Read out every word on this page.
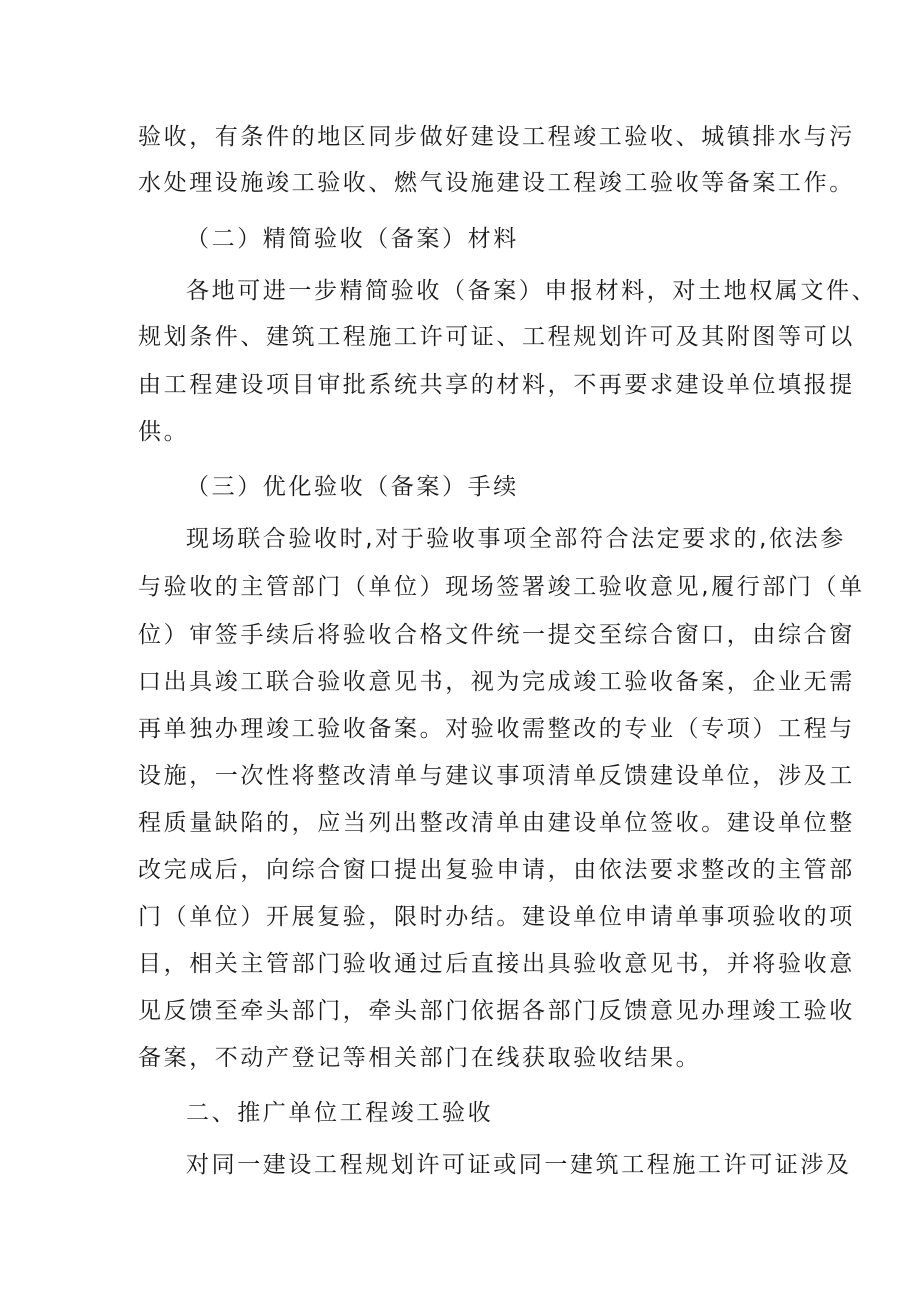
验收，有条件的地区同步做好建设工程竣工验收、城镇排水与污
水处理设施竣工验收、燃气设施建设工程竣工验收等备案工作。
（二）精简验收（备案）材料
各地可进一步精简验收（备案）申报材料，对土地权属文件、
规划条件、建筑工程施工许可证、工程规划许可及其附图等可以
由工程建设项目审批系统共享的材料，不再要求建设单位填报提
供。
（三）优化验收（备案）手续
现场联合验收时,对于验收事项全部符合法定要求的,依法参
与验收的主管部门（单位）现场签署竣工验收意见,履行部门（单
位）审签手续后将验收合格文件统一提交至综合窗口，由综合窗
口出具竣工联合验收意见书，视为完成竣工验收备案，企业无需
再单独办理竣工验收备案。对验收需整改的专业（专项）工程与
设施，一次性将整改清单与建议事项清单反馈建设单位，涉及工
程质量缺陷的，应当列出整改清单由建设单位签收。建设单位整
改完成后，向综合窗口提出复验申请，由依法要求整改的主管部
门（单位）开展复验，限时办结。建设单位申请单事项验收的项
目，相关主管部门验收通过后直接出具验收意见书，并将验收意
见反馈至牵头部门，牵头部门依据各部门反馈意见办理竣工验收
备案，不动产登记等相关部门在线获取验收结果。
二、推广单位工程竣工验收
对同一建设工程规划许可证或同一建筑工程施工许可证涉及
